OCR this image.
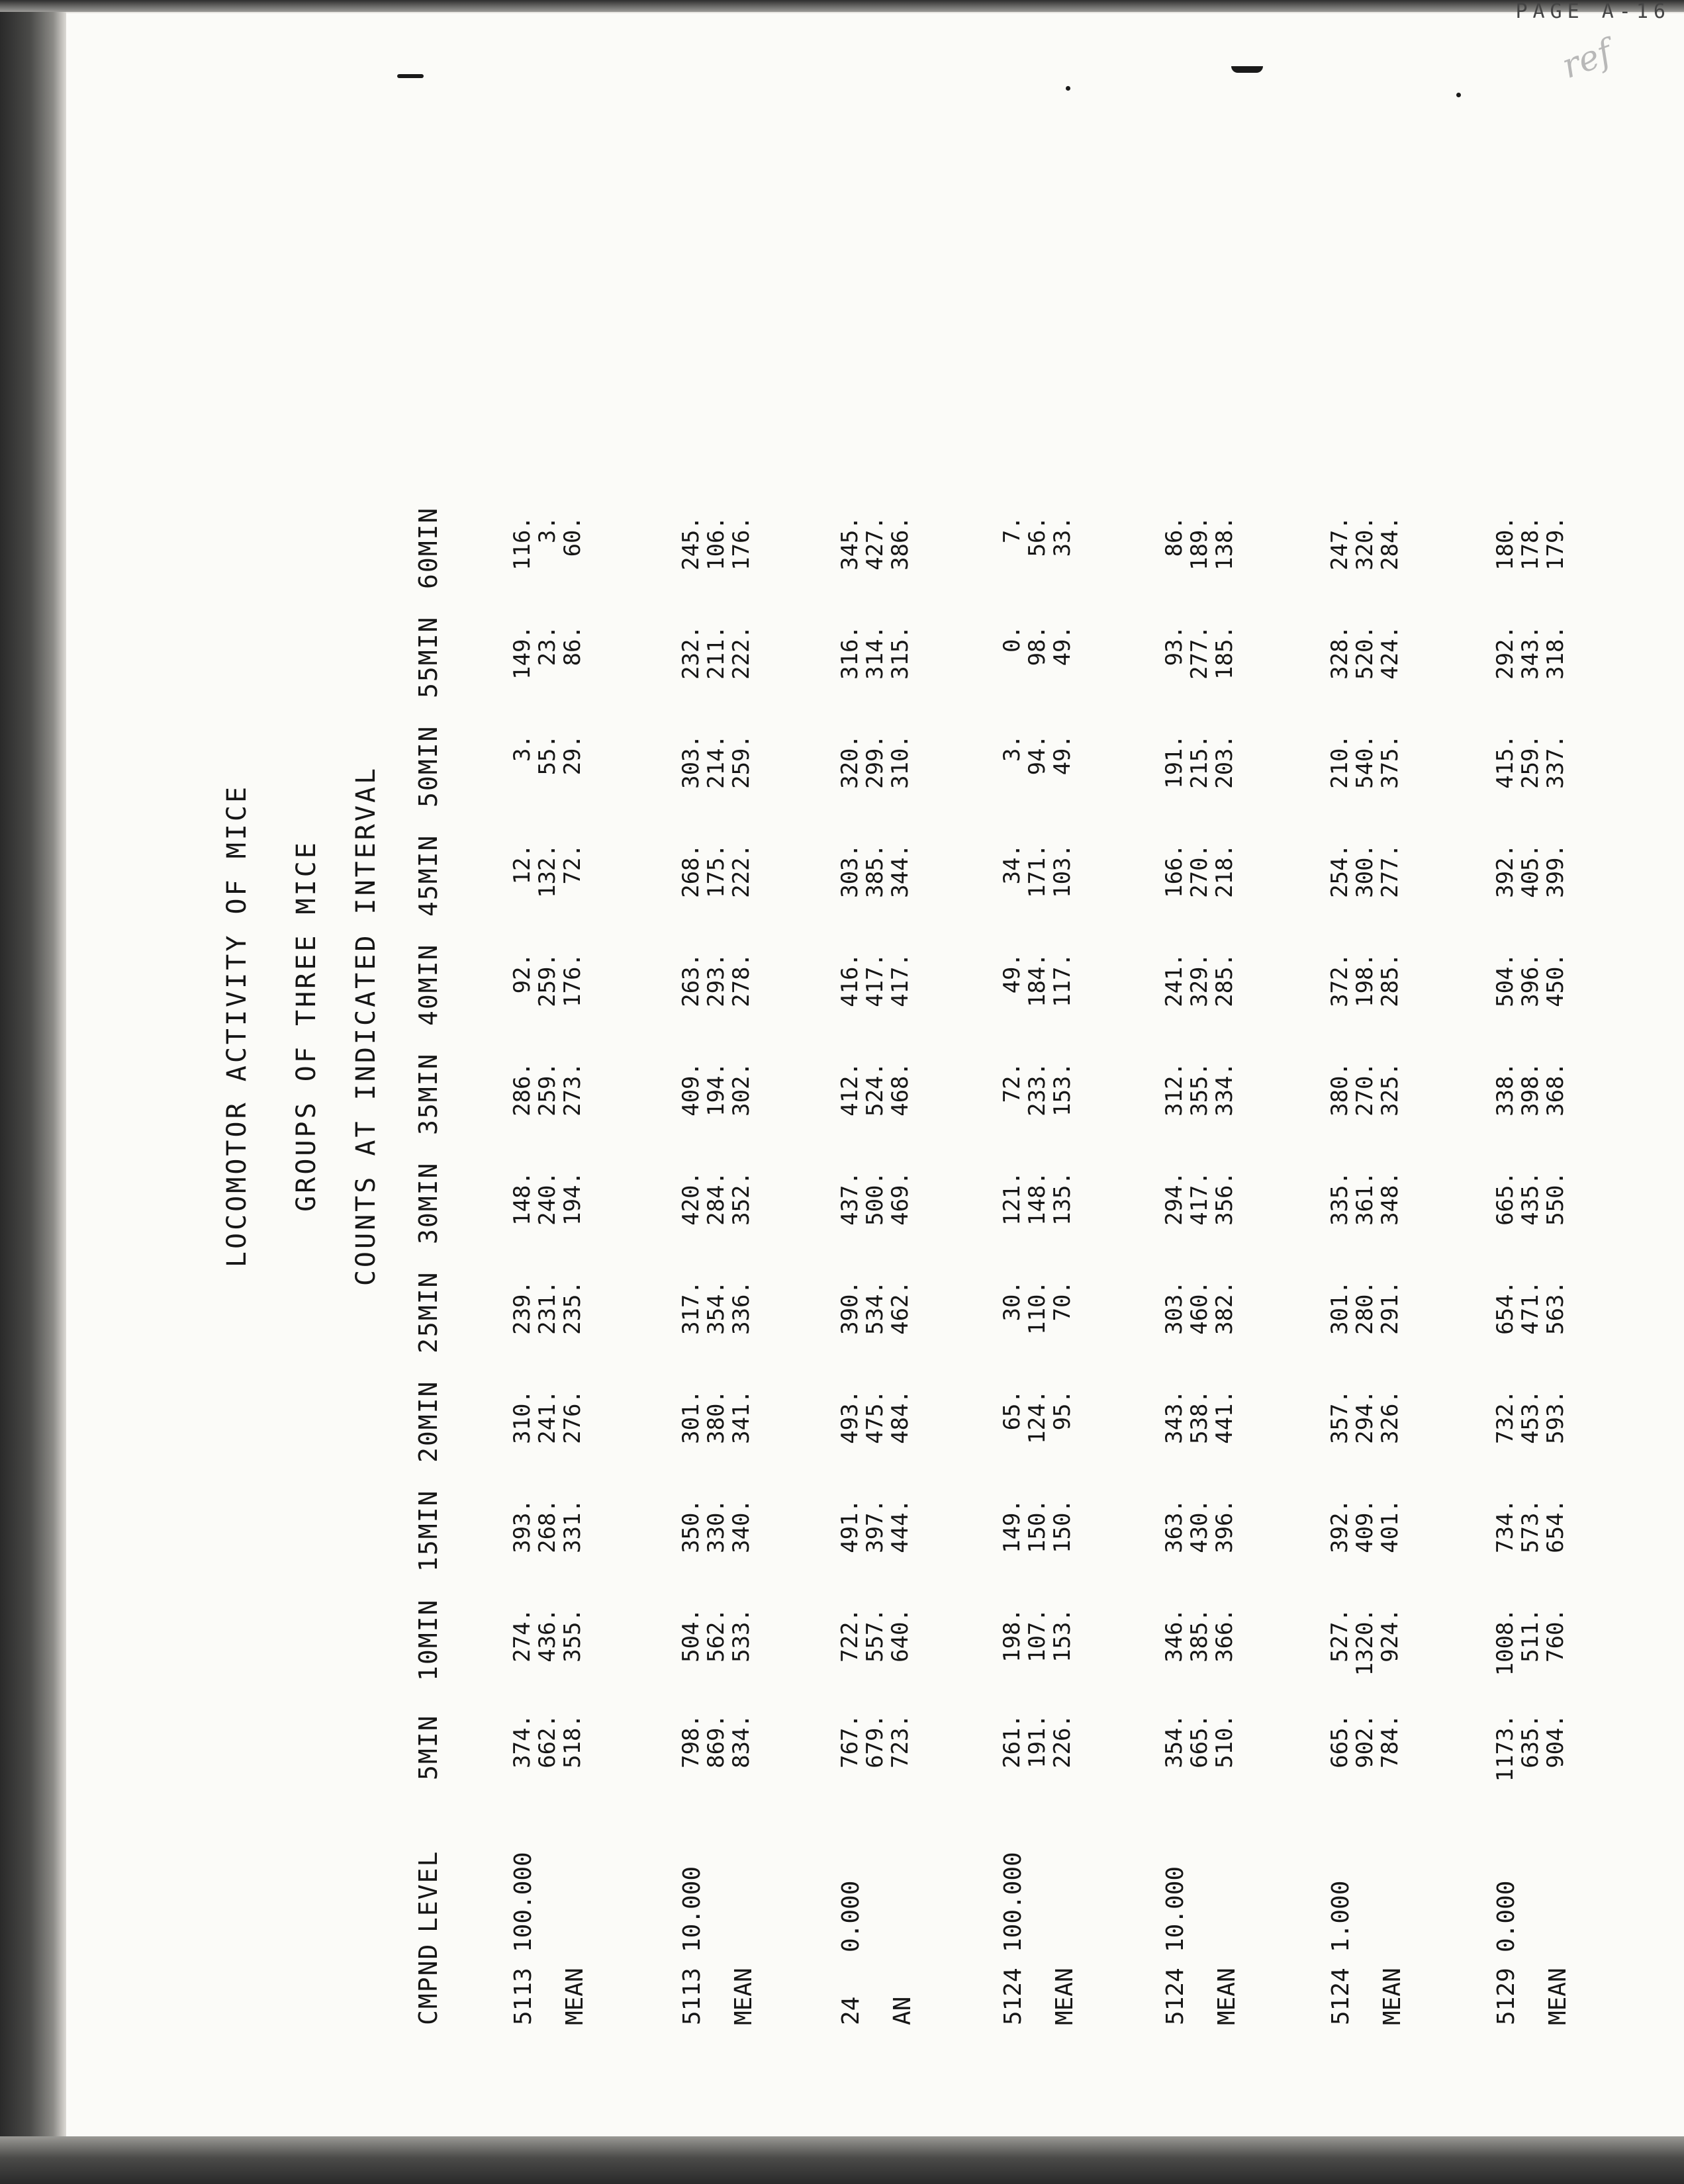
PAGE A-16
ref
LOCOMOTOR ACTIVITY OF MICE GROUPS OF THREE MICE COUNTS AT INDICATED INTERVAL
CMPND
LEVEL
5MIN
10MIN
15MIN
20MIN
25MIN
30MIN
35MIN
40MIN
45MIN
50MIN
55MIN
60MIN
5113
100.000
MEAN
374.
662.
518.
274.
436.
355.
393.
268.
331.
310.
241.
276.
239.
231.
235.
148.
240.
194.
286.
259.
273.
92.
259.
176.
12.
132.
72.
3.
55.
29.
149.
23.
86.
116.
3.
60.
5113
10.000
MEAN
798.
869.
834.
504.
562.
533.
350.
330.
340.
301.
380.
341.
317.
354.
336.
420.
284.
352.
409.
194.
302.
263.
293.
278.
268.
175.
222.
303.
214.
259.
232.
211.
222.
245.
106.
176.
24
0.000
AN
767.
679.
723.
722.
557.
640.
491.
397.
444.
493.
475.
484.
390.
534.
462.
437.
500.
469.
412.
524.
468.
416.
417.
417.
303.
385.
344.
320.
299.
310.
316.
314.
315.
345.
427.
386.
5124
100.000
MEAN
261.
191.
226.
198.
107.
153.
149.
150.
150.
65.
124.
95.
30.
110.
70.
121.
148.
135.
72.
233.
153.
49.
184.
117.
34.
171.
103.
3.
94.
49.
0.
98.
49.
7.
56.
33.
5124
10.000
MEAN
354.
665.
510.
346.
385.
366.
363.
430.
396.
343.
538.
441.
303.
460.
382.
294.
417.
356.
312.
355.
334.
241.
329.
285.
166.
270.
218.
191.
215.
203.
93.
277.
185.
86.
189.
138.
5124
1.000
MEAN
665.
902.
784.
527.
1320.
924.
392.
409.
401.
357.
294.
326.
301.
280.
291.
335.
361.
348.
380.
270.
325.
372.
198.
285.
254.
300.
277.
210.
540.
375.
328.
520.
424.
247.
320.
284.
5129
0.000
MEAN
1173.
635.
904.
1008.
511.
760.
734.
573.
654.
732.
453.
593.
654.
471.
563.
665.
435.
550.
338.
398.
368.
504.
396.
450.
392.
405.
399.
415.
259.
337.
292.
343.
318.
180.
178.
179.
